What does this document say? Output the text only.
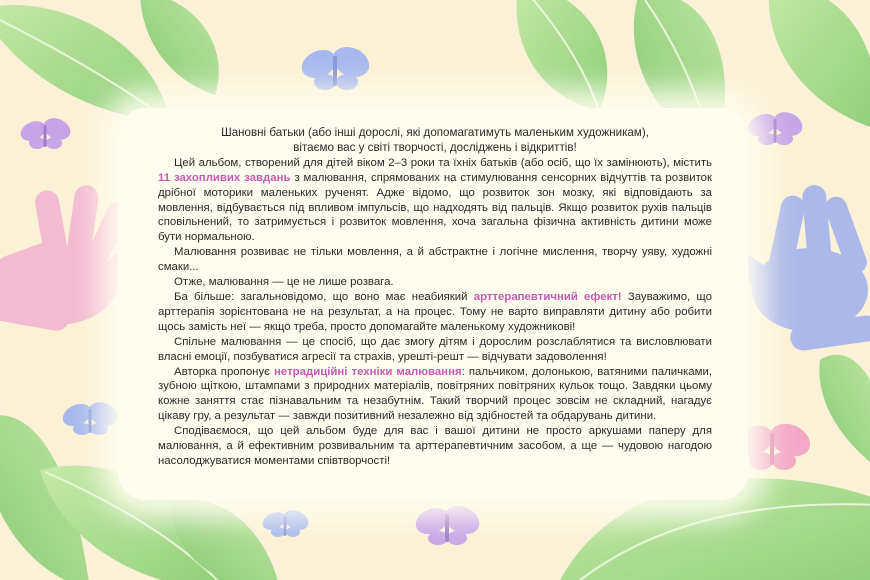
Шановні батьки (або інші дорослі, які допомагатимуть маленьким художникам),
вітаємо вас у світі творчості, досліджень і відкриттів!

Цей альбом, створений для дітей віком 2–3 роки та їхніх батьків (або осіб, що їх замінюють), містить 11 захопливих завдань з малювання, спрямованих на стимулювання сенсорних відчуттів та розвиток дрібної моторики маленьких рученят. Адже відомо, що розвиток зон мозку, які відповідають за мовлення, відбувається під впливом імпульсів, що надходять від пальців. Якщо розвиток рухів пальців сповільнений, то затримується і розвиток мовлення, хоча загальна фізична активність дитини може бути нормальною.

Малювання розвиває не тільки мовлення, а й абстрактне і логічне мислення, творчу уяву, художні смаки...

Отже, малювання — це не лише розвага.

Ба більше: загальновідомо, що воно має неабиякий арттерапевтичний ефект! Зауважимо, що арттерапія зорієнтована не на результат, а на процес. Тому не варто виправляти дитину або робити щось замість неї — якщо треба, просто допомагайте маленькому художникові!

Спільне малювання — це спосіб, що дає змогу дітям і дорослим розслаблятися та висловлювати власні емоції, позбуватися агресії та страхів, урешті-решт — відчувати задоволення!

Авторка пропонує нетрадиційні техніки малювання: пальчиком, долонькою, ватяними паличками, зубною щіткою, штампами з природних матеріалів, повітряних повітряних кульок тощо. Завдяки цьому кожне заняття стає пізнавальним та незабутнім. Такий творчий процес зовсім не складний, нагадує цікаву гру, а результат — завжди позитивний незалежно від здібностей та обдарувань дитини.

Сподіваємося, що цей альбом буде для вас і вашої дитини не просто аркушами паперу для малювання, а й ефективним розвивальним та арттерапевтичним засобом, а ще — чудовою нагодою насолоджуватися моментами співтворчості!
